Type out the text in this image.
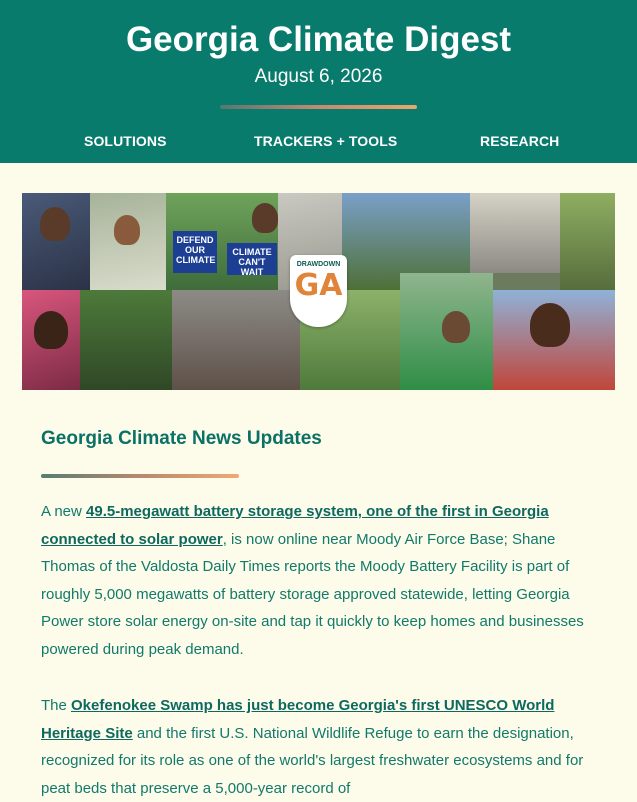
Georgia Climate Digest
August 6, 2026
SOLUTIONS	TRACKERS + TOOLS	RESEARCH
DEFEND OUR CLIMATE
CLIMATE CAN'T WAIT
DRAWDOWN
GA
Georgia Climate News Updates

A new 49.5-megawatt battery storage system, one of the first in Georgia connected to solar power, is now online near Moody Air Force Base; Shane Thomas of the Valdosta Daily Times reports the Moody Battery Facility is part of roughly 5,000 megawatts of battery storage approved statewide, letting Georgia Power store solar energy on-site and tap it quickly to keep homes and businesses powered during peak demand.

The Okefenokee Swamp has just become Georgia's first UNESCO World Heritage Site and the first U.S. National Wildlife Refuge to earn the designation, recognized for its role as one of the world's largest freshwater ecosystems and for peat beds that preserve a 5,000-year record of
